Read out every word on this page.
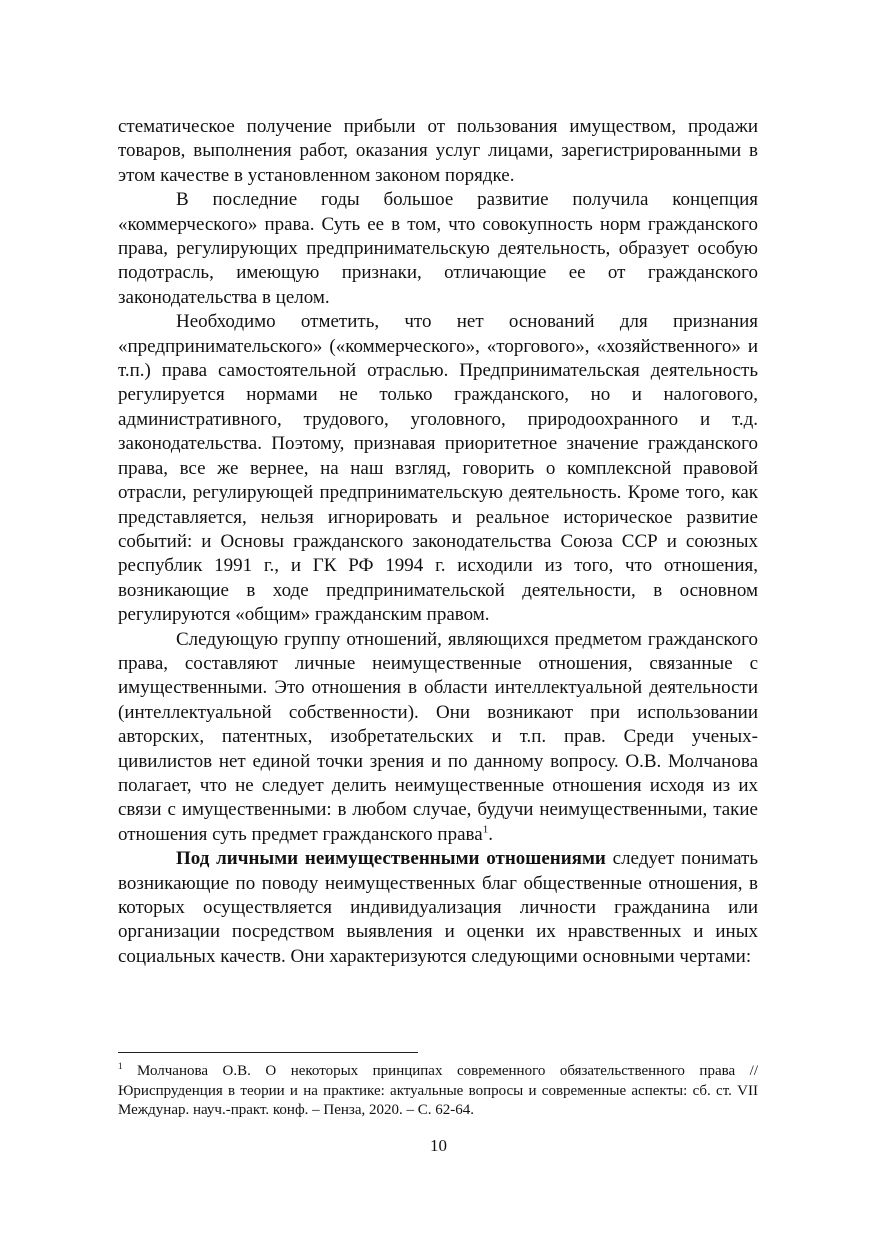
стематическое получение прибыли от пользования имуществом, продажи товаров, выполнения работ, оказания услуг лицами, зарегистрированными в этом качестве в установленном законом порядке.

В последние годы большое развитие получила концепция «коммерческого» права. Суть ее в том, что совокупность норм гражданского права, регулирующих предпринимательскую деятельность, образует особую подотрасль, имеющую признаки, отличающие ее от гражданского законодательства в целом.

Необходимо отметить, что нет оснований для признания «предпринимательского» («коммерческого», «торгового», «хозяйственного» и т.п.) права самостоятельной отраслью. Предпринимательская деятельность регулируется нормами не только гражданского, но и налогового, административного, трудового, уголовного, природоохранного и т.д. законодательства. Поэтому, признавая приоритетное значение гражданского права, все же вернее, на наш взгляд, говорить о комплексной правовой отрасли, регулирующей предпринимательскую деятельность. Кроме того, как представляется, нельзя игнорировать и реальное историческое развитие событий: и Основы гражданского законодательства Союза ССР и союзных республик 1991 г., и ГК РФ 1994 г. исходили из того, что отношения, возникающие в ходе предпринимательской деятельности, в основном регулируются «общим» гражданским правом.

Следующую группу отношений, являющихся предметом гражданского права, составляют личные неимущественные отношения, связанные с имущественными. Это отношения в области интеллектуальной деятельности (интеллектуальной собственности). Они возникают при использовании авторских, патентных, изобретательских и т.п. прав. Среди ученых-цивилистов нет единой точки зрения и по данному вопросу. О.В. Молчанова полагает, что не следует делить неимущественные отношения исходя из их связи с имущественными: в любом случае, будучи неимущественными, такие отношения суть предмет гражданского права$^1$.

Под личными неимущественными отношениями следует понимать возникающие по поводу неимущественных благ общественные отношения, в которых осуществляется индивидуализация личности гражданина или организации посредством выявления и оценки их нравственных и иных социальных качеств. Они характеризуются следующими основными чертами:

$^1$ Молчанова О.В. О некоторых принципах современного обязательственного права // Юриспруденция в теории и на практике: актуальные вопросы и современные аспекты: сб. ст. VII Междунар. науч.-практ. конф. – Пенза, 2020. – С. 62-64.

10
